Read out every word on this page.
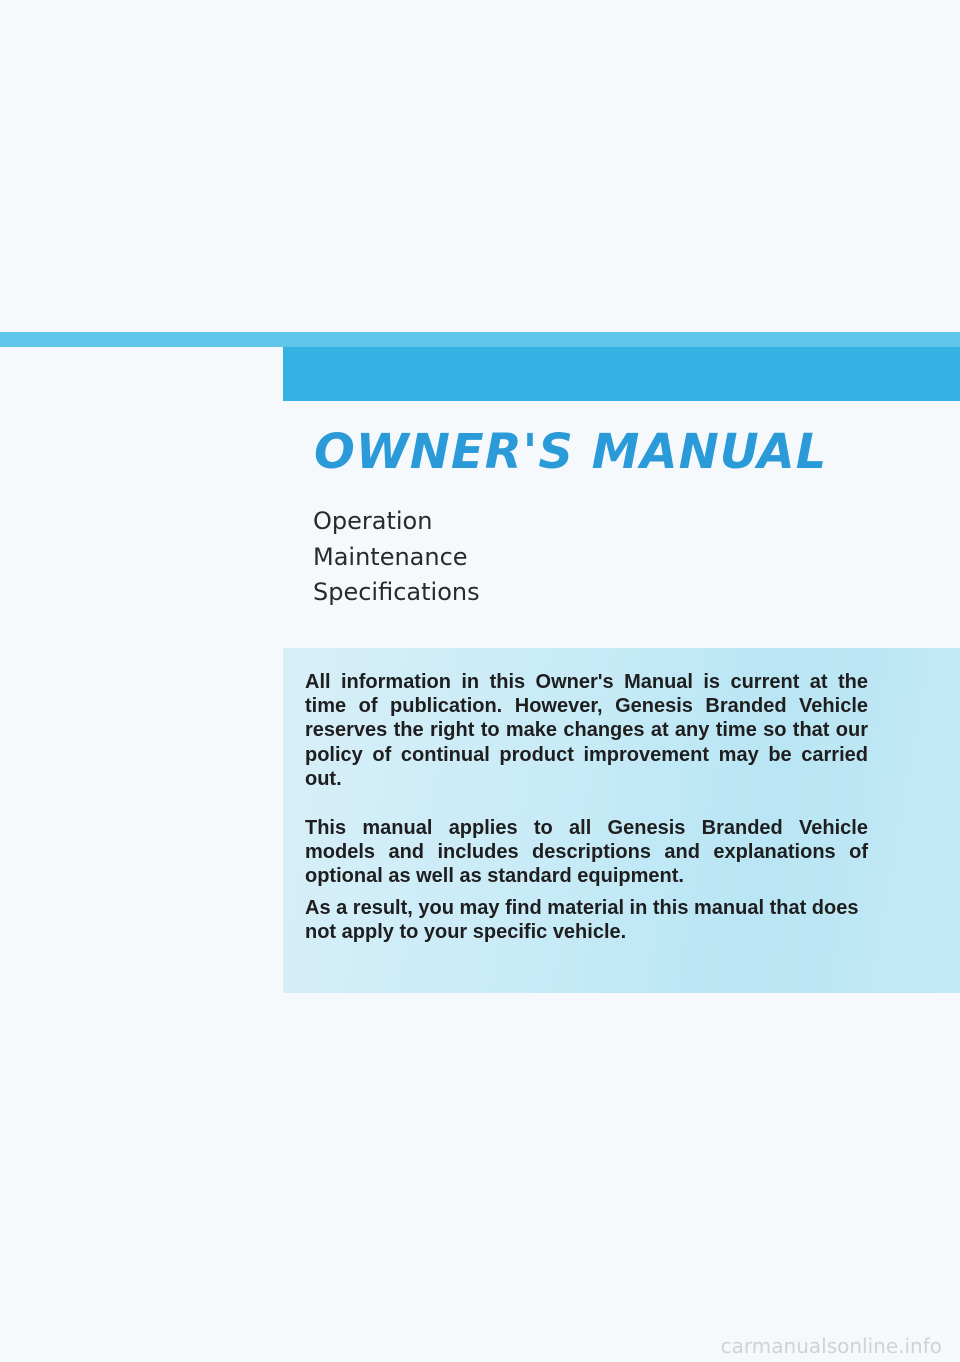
OWNER'S MANUAL
Operation
Maintenance
Specifications

All information in this Owner's Manual is current at the time of publication. However, Genesis Branded Vehicle reserves the right to make changes at any time so that our policy of continual product improvement may be carried out.

This manual applies to all Genesis Branded Vehicle models and includes descriptions and explanations of optional as well as standard equipment.

As a result, you may find material in this manual that does not apply to your specific vehicle.

carmanualsonline.info
